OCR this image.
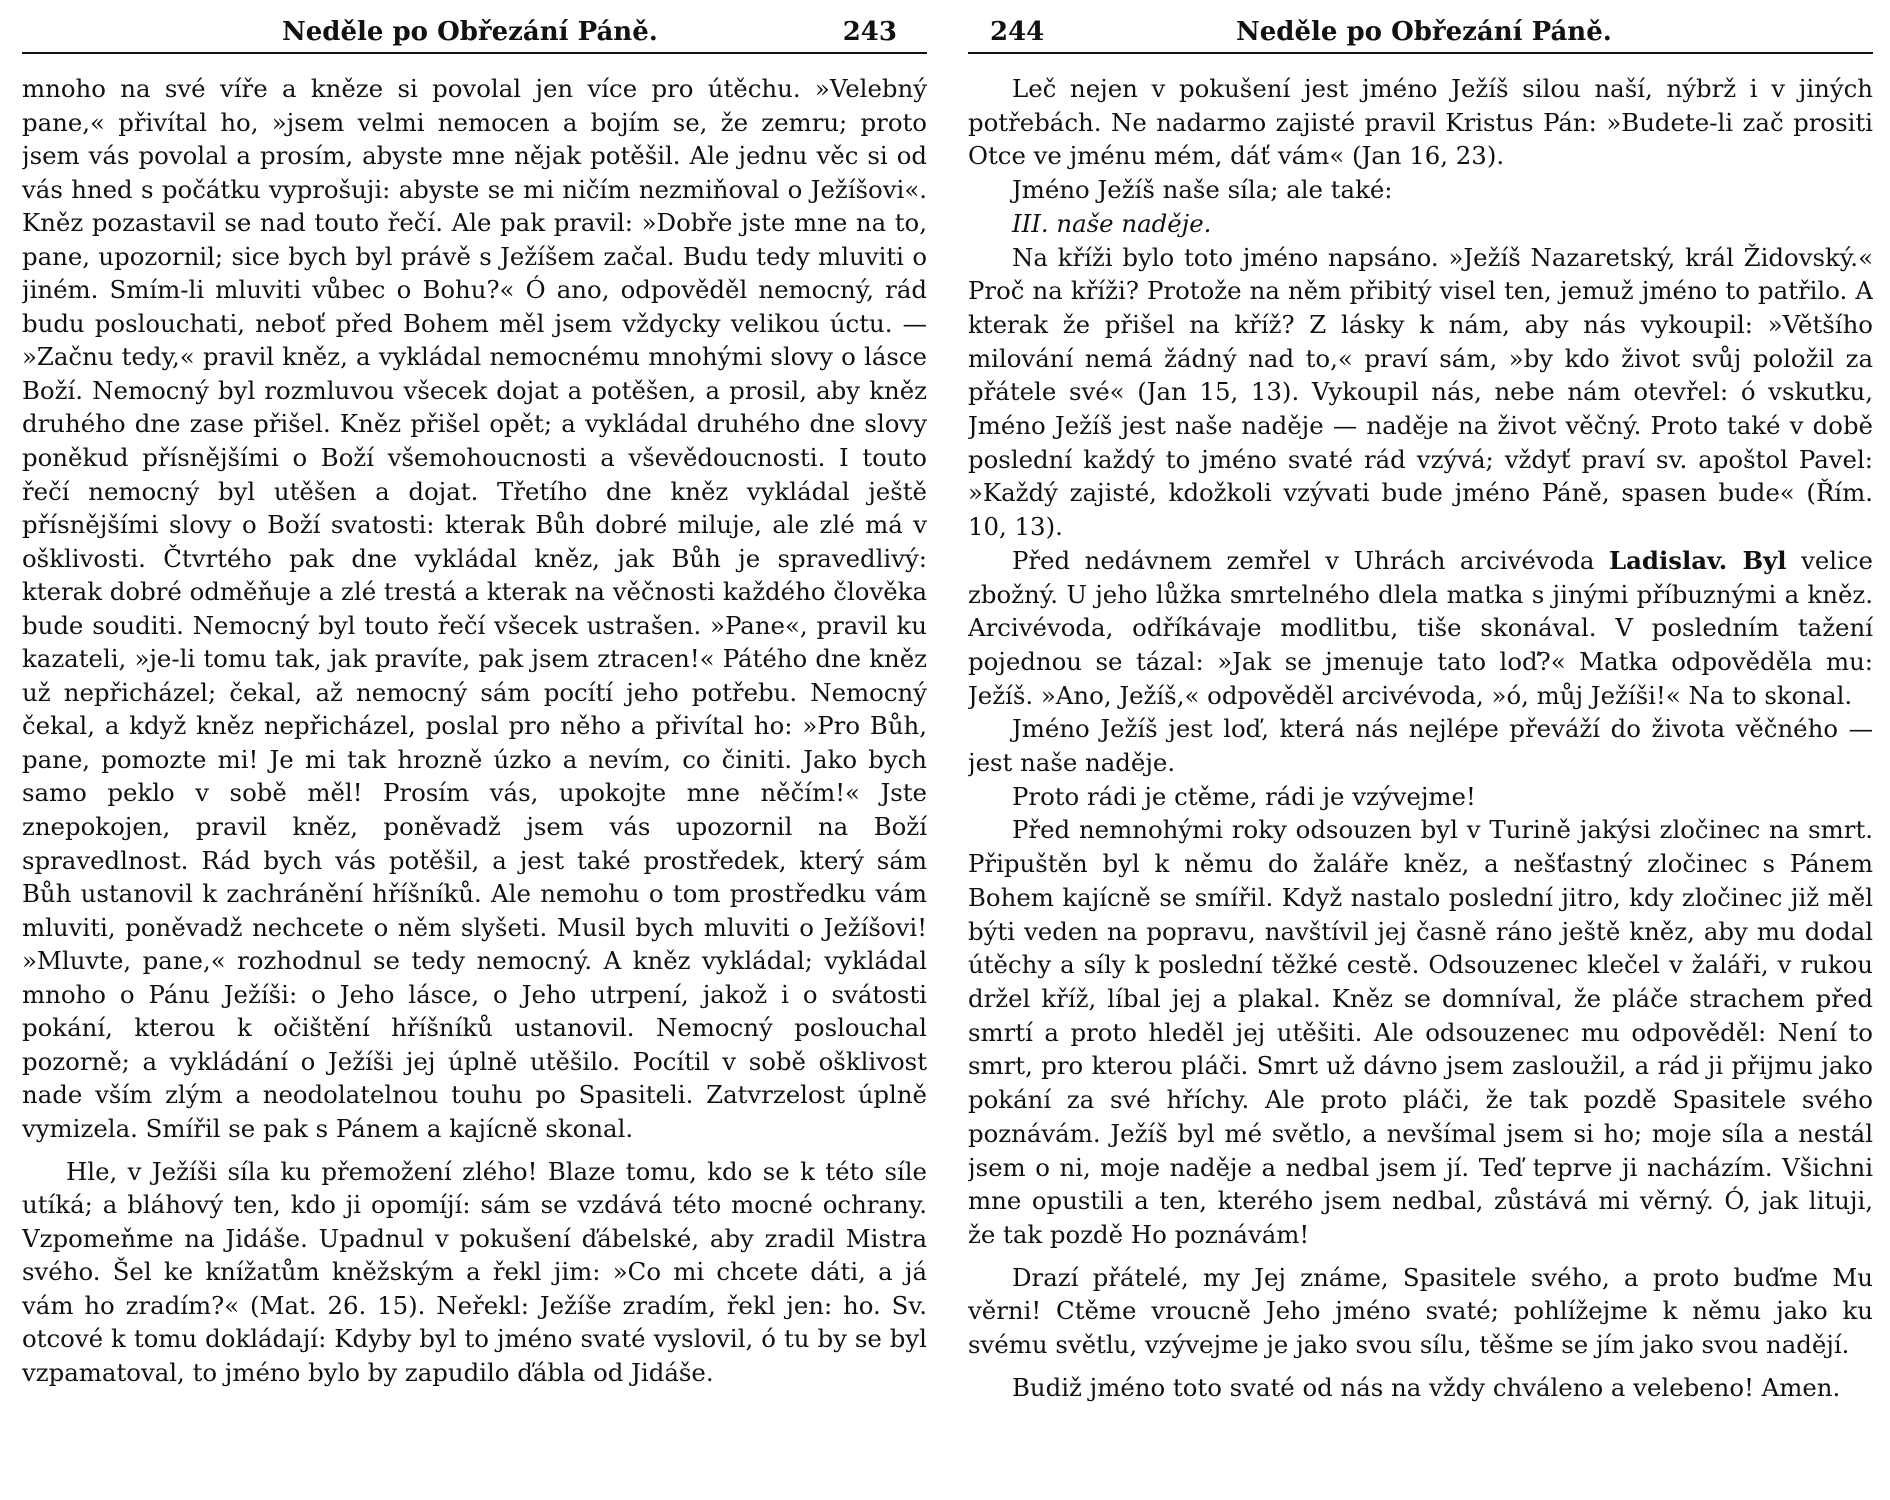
Neděle po Obřezání Páně.	243

mnoho na své víře a kněze si povolal jen více pro útěchu. »Velebný pane,« přivítal ho, »jsem velmi nemocen a bojím se, že zemru; proto jsem vás povolal a prosím, abyste mne nějak potěšil. Ale jednu věc si od vás hned s počátku vyprošuji: abyste se mi ničím nezmiňoval o Ježíšovi«. Kněz pozastavil se nad touto řečí. Ale pak pravil: »Dobře jste mne na to, pane, upozornil; sice bych byl právě s Ježíšem začal. Budu tedy mluviti o jiném. Smím-li mluviti vůbec o Bohu?« Ó ano, odpověděl nemocný, rád budu poslouchati, neboť před Bohem měl jsem vždycky velikou úctu. — »Začnu tedy,« pravil kněz, a vykládal nemocnému mnohými slovy o lásce Boží. Nemocný byl rozmluvou všecek dojat a potěšen, a prosil, aby kněz druhého dne zase přišel. Kněz přišel opět; a vykládal druhého dne slovy poněkud přísnějšími o Boží všemohoucnosti a vševědoucnosti. I touto řečí nemocný byl utěšen a dojat. Třetího dne kněz vykládal ještě přísnějšími slovy o Boží svatosti: kterak Bůh dobré miluje, ale zlé má v ošklivosti. Čtvrtého pak dne vykládal kněz, jak Bůh je spravedlivý: kterak dobré odměňuje a zlé trestá a kterak na věčnosti každého člověka bude souditi. Nemocný byl touto řečí všecek ustrašen. »Pane«, pravil ku kazateli, »je-li tomu tak, jak pravíte, pak jsem ztracen!« Pátého dne kněz už nepřicházel; čekal, až nemocný sám pocítí jeho potřebu. Nemocný čekal, a když kněz nepřicházel, poslal pro něho a přivítal ho: »Pro Bůh, pane, pomozte mi! Je mi tak hrozně úzko a nevím, co činiti. Jako bych samo peklo v sobě měl! Prosím vás, upokojte mne něčím!« Jste znepokojen, pravil kněz, poněvadž jsem vás upozornil na Boží spravedlnost. Rád bych vás potěšil, a jest také prostředek, který sám Bůh ustanovil k zachránění hříšníků. Ale nemohu o tom prostředku vám mluviti, poněvadž nechcete o něm slyšeti. Musil bych mluviti o Ježíšovi! »Mluvte, pane,« rozhodnul se tedy nemocný. A kněz vykládal; vykládal mnoho o Pánu Ježíši: o Jeho lásce, o Jeho utrpení, jakož i o svátosti pokání, kterou k očištění hříšníků ustanovil. Nemocný poslouchal pozorně; a vykládání o Ježíši jej úplně utěšilo. Pocítil v sobě ošklivost nade vším zlým a neodolatelnou touhu po Spasiteli. Zatvrzelost úplně vymizela. Smířil se pak s Pánem a kajícně skonal.

Hle, v Ježíši síla ku přemožení zlého! Blaze tomu, kdo se k této síle utíká; a bláhový ten, kdo ji opomíjí: sám se vzdává této mocné ochrany. Vzpomeňme na Jidáše. Upadnul v pokušení ďábelské, aby zradil Mistra svého. Šel ke knížatům kněžským a řekl jim: »Co mi chcete dáti, a já vám ho zradím?« (Mat. 26. 15). Neřekl: Ježíše zradím, řekl jen: ho. Sv. otcové k tomu dokládají: Kdyby byl to jméno svaté vyslovil, ó tu by se byl vzpamatoval, to jméno bylo by zapudilo ďábla od Jidáše.

244	Neděle po Obřezání Páně.

Leč nejen v pokušení jest jméno Ježíš silou naší, nýbrž i v jiných potřebách. Ne nadarmo zajisté pravil Kristus Pán: »Budete-li zač prositi Otce ve jménu mém, dáť vám« (Jan 16, 23).

Jméno Ježíš naše síla; ale také:

III. naše naděje.

Na kříži bylo toto jméno napsáno. »Ježíš Nazaretský, král Židovský.« Proč na kříži? Protože na něm přibitý visel ten, jemuž jméno to patřilo. A kterak že přišel na kříž? Z lásky k nám, aby nás vykoupil: »Většího milování nemá žádný nad to,« praví sám, »by kdo život svůj položil za přátele své« (Jan 15, 13). Vykoupil nás, nebe nám otevřel: ó vskutku, Jméno Ježíš jest naše naděje — naděje na život věčný. Proto také v době poslední každý to jméno svaté rád vzývá; vždyť praví sv. apoštol Pavel: »Každý zajisté, kdožkoli vzývati bude jméno Páně, spasen bude« (Řím. 10, 13).

Před nedávnem zemřel v Uhrách arcivévoda Ladislav. Byl velice zbožný. U jeho lůžka smrtelného dlela matka s jinými příbuznými a kněz. Arcivévoda, odříkávaje modlitbu, tiše skonával. V posledním tažení pojednou se tázal: »Jak se jmenuje tato loď?« Matka odpověděla mu: Ježíš. »Ano, Ježíš,« odpověděl arcivévoda, »ó, můj Ježíši!« Na to skonal.

Jméno Ježíš jest loď, která nás nejlépe převáží do života věčného — jest naše naděje.

Proto rádi je ctěme, rádi je vzývejme!

Před nemnohými roky odsouzen byl v Turině jakýsi zločinec na smrt. Připuštěn byl k němu do žaláře kněz, a nešťastný zločinec s Pánem Bohem kajícně se smířil. Když nastalo poslední jitro, kdy zločinec již měl býti veden na popravu, navštívil jej časně ráno ještě kněz, aby mu dodal útěchy a síly k poslední těžké cestě. Odsouzenec klečel v žaláři, v rukou držel kříž, líbal jej a plakal. Kněz se domníval, že pláče strachem před smrtí a proto hleděl jej utěšiti. Ale odsouzenec mu odpověděl: Není to smrt, pro kterou pláči. Smrt už dávno jsem zasloužil, a rád ji přijmu jako pokání za své hříchy. Ale proto pláči, že tak pozdě Spasitele svého poznávám. Ježíš byl mé světlo, a nevšímal jsem si ho; moje síla a nestál jsem o ni, moje naděje a nedbal jsem jí. Teď teprve ji nacházím. Všichni mne opustili a ten, kterého jsem nedbal, zůstává mi věrný. Ó, jak lituji, že tak pozdě Ho poznávám!

Drazí přátelé, my Jej známe, Spasitele svého, a proto buďme Mu věrni! Ctěme vroucně Jeho jméno svaté; pohlížejme k němu jako ku svému světlu, vzývejme je jako svou sílu, těšme se jím jako svou nadějí.

Budiž jméno toto svaté od nás na vždy chváleno a velebeno! Amen.
